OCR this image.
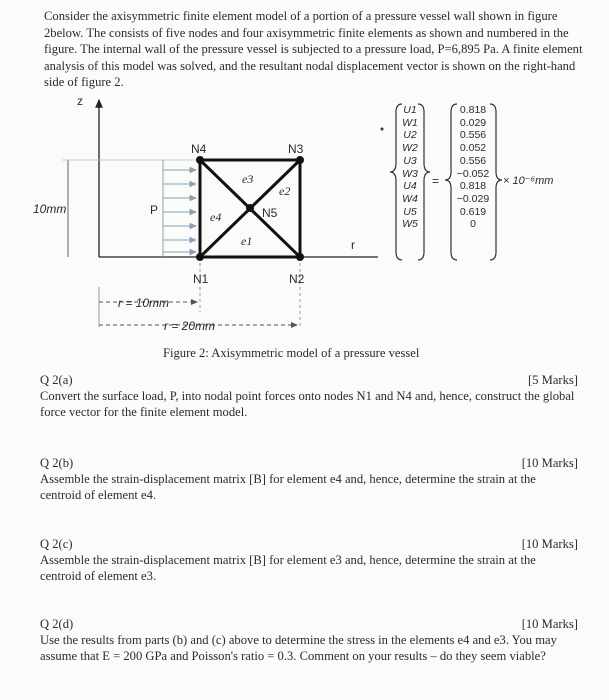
Consider the axisymmetric finite element model of a portion of a pressure vessel wall shown in figure 2below. The consists of five nodes and four axisymmetric finite elements as shown and numbered in the figure. The internal wall of the pressure vessel is subjected to a pressure load, P=6,895 Pa. A finite element analysis of this model was solved, and the resultant nodal displacement vector is shown on the right-hand side of figure 2.
z
r
N4	N3
N5
N1	N2
e3
e2
e4
e1
P
10mm
r = 10mm
r = 20mm
U1
W1
U2
W2
U3
W3
U4
W4
U5
W5
=
0.818
0.029
0.556
0.052
0.556
−0.052
0.818
−0.029
0.619
0
× 10⁻⁶mm
Figure 2: Axisymmetric model of a pressure vessel
Q 2(a)	[5 Marks]
Convert the surface load, P, into nodal point forces onto nodes N1 and N4 and, hence, construct the global force vector for the finite element model.
Q 2(b)	[10 Marks]
Assemble the strain-displacement matrix [B] for element e4 and, hence, determine the strain at the centroid of element e4.
Q 2(c)	[10 Marks]
Assemble the strain-displacement matrix [B] for element e3 and, hence, determine the strain at the centroid of element e3.
Q 2(d)	[10 Marks]
Use the results from parts (b) and (c) above to determine the stress in the elements e4 and e3. You may assume that E = 200 GPa and Poisson's ratio = 0.3. Comment on your results – do they seem viable?
